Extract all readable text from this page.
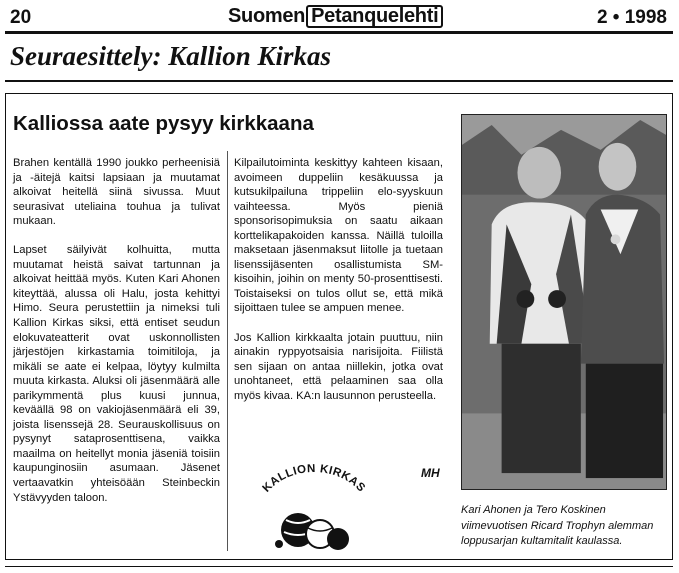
20	Suomen Petanquelehti	2 • 1998
Seuraesittely: Kallion Kirkas
Kalliossa aate pysyy kirkkaana

Brahen kentällä 1990 joukko perheenisiä ja -äitejä kaitsi lapsiaan ja muutamat alkoivat heitellä siinä sivussa. Muut seurasivat uteliaina touhua ja tulivat mukaan.

Lapset säilyivät kolhuitta, mutta muutamat heistä saivat tartunnan ja alkoivat heittää myös. Kuten Kari Ahonen kiteyttää, alussa oli Halu, josta kehittyi Himo. Seura perustettiin ja nimeksi tuli Kallion Kirkas siksi, että entiset seudun elokuvateatterit ovat uskonnollisten järjestöjen kirkastamia toimitiloja, ja mikäli se aate ei kelpaa, löytyy kulmilta muuta kirkasta. Aluksi oli jäsenmäärä alle parikymmentä plus kuusi junnua, keväällä 98 on vakiojäsenmäärä eli 39, joista lisenssejä 28. Seurauskollisuus on pysynyt sataprosenttisena, vaikka maailma on heitellyt monia jäseniä toisiin kaupunginosiin asumaan. Jäsenet vertaavatkin yhteisöään Steinbeckin Ystävyyden taloon.

Kilpailutoiminta keskittyy kahteen kisaan, avoimeen duppeliin kesäkuussa ja kutsukilpailuna trippeliin elo-syyskuun vaihteessa. Myös pieniä sponsorisopimuksia on saatu aikaan korttelikapakoiden kanssa. Näillä tuloilla maksetaan jäsenmaksut liitolle ja tuetaan lisenssijäsenten osallistumista SM-kisoihin, joihin on menty 50-prosenttisesti. Toistaiseksi on tulos ollut se, että mikä sijoittaen tulee se ampuen menee.

Jos Kallion kirkkaalta jotain puuttuu, niin ainakin ryppyotsaisia narisijoita. Fiilistä sen sijaan on antaa niillekin, jotka ovat unohtaneet, että pelaaminen saa olla myös kivaa. KA:n lausunnon perusteella.

MH
KALLION KIRKAS
Kari Ahonen ja Tero Koskinen viimevuotisen Ricard Trophyn alemman loppusarjan kultamitalit kaulassa.
